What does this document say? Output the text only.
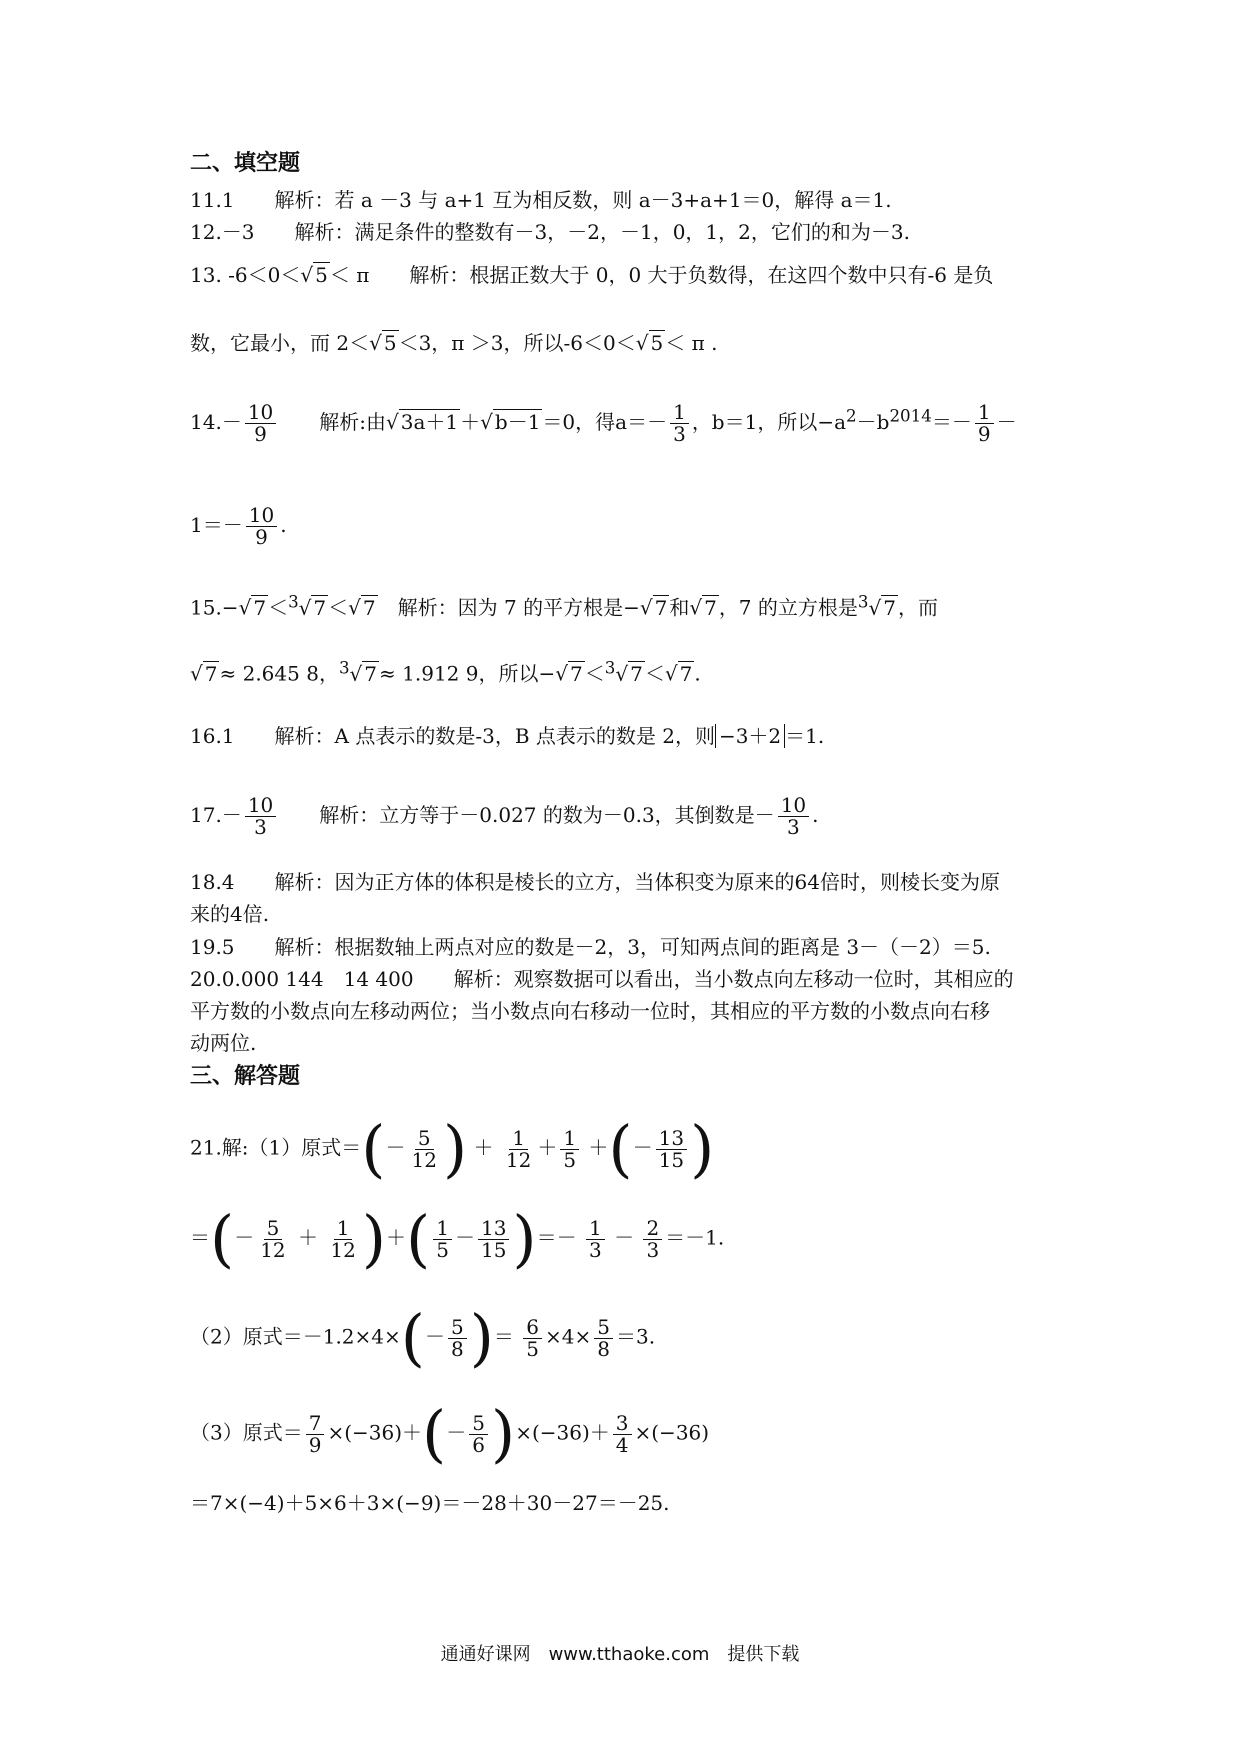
二、填空题
11.1　　解析：若 a －3 与 a+1 互为相反数，则 a－3+a+1＝0，解得 a＝1.
12.－3　　解析：满足条件的整数有－3，－2，－1，0，1，2，它们的和为－3.
13. -6＜0＜√ 5 ＜ π　　解析：根据正数大于 0，0 大于负数得，在这四个数中只有-6 是负
数，它最小，而 2＜√ 5 ＜3，π ＞3，所以-6＜0＜√ 5 ＜ π .
$14.- \frac{10}{9}$ 　　解析:由√ 3a＋1 ＋√ b－1 ＝0，得$a=- \frac{1}{3}$ ，b＝1，所以$-a^2-b^{2014}=- \frac{1}{9}$ －
$1=- \frac{10}{9}$ .
15.−√ 7 ＜$^3$√ 7 ＜√ 7　解析：因为 7 的平方根是−√ 7 和√ 7 ，7 的立方根是$^3$√ 7 ，而
√ 7 ≈ 2.645 8，$^3$√ 7 ≈ 1.912 9，所以−√ 7 ＜$^3$√ 7 ＜√ 7 .
16.1　　解析：A 点表示的数是-3，B 点表示的数是 2，则 −3＋2 ＝1.
$17.- \frac{10}{3}$ 　　解析：立方等于－0.027 的数为－0.3，其倒数是－ $\frac{10}{3}$ .
18.4　　解析：因为正方体的体积是棱长的立方，当体积变为原来的64倍时，则棱长变为原
来的4倍.
19.5　　解析：根据数轴上两点对应的数是－2，3，可知两点间的距离是 3－（－2）＝5.
20.0.000 144　14 400　　解析：观察数据可以看出，当小数点向左移动一位时，其相应的
平方数的小数点向左移动两位；当小数点向右移动一位时，其相应的平方数的小数点向右移
动两位.
三、解答题
21.解:（1）原式＝(－ $\frac{5}{12}$ ) ＋ $\frac{1}{12} + \frac{1}{5}$ ＋(－ $\frac{13}{15}$ )
＝(－ $\frac{5}{12} + \frac{1}{12}$ )＋( $\frac{1}{5} - \frac{13}{15}$ )＝－ $\frac{1}{3} - \frac{2}{3} =-1$.
（2）原式$=-1.2\times 4\times(- \frac{5}{8}$ )＝ $\frac{6}{5} \times 4\times \frac{5}{8} =3$.
（3）原式＝ $\frac{7}{9} \times(-36)+(- \frac{5}{6} )\times(-36)+ \frac{3}{4} \times(-36)$
＝7×(−4)＋5×6＋3×(−9)＝－28＋30－27＝－25.
通通好课网　www.tthaoke.com　提供下载
